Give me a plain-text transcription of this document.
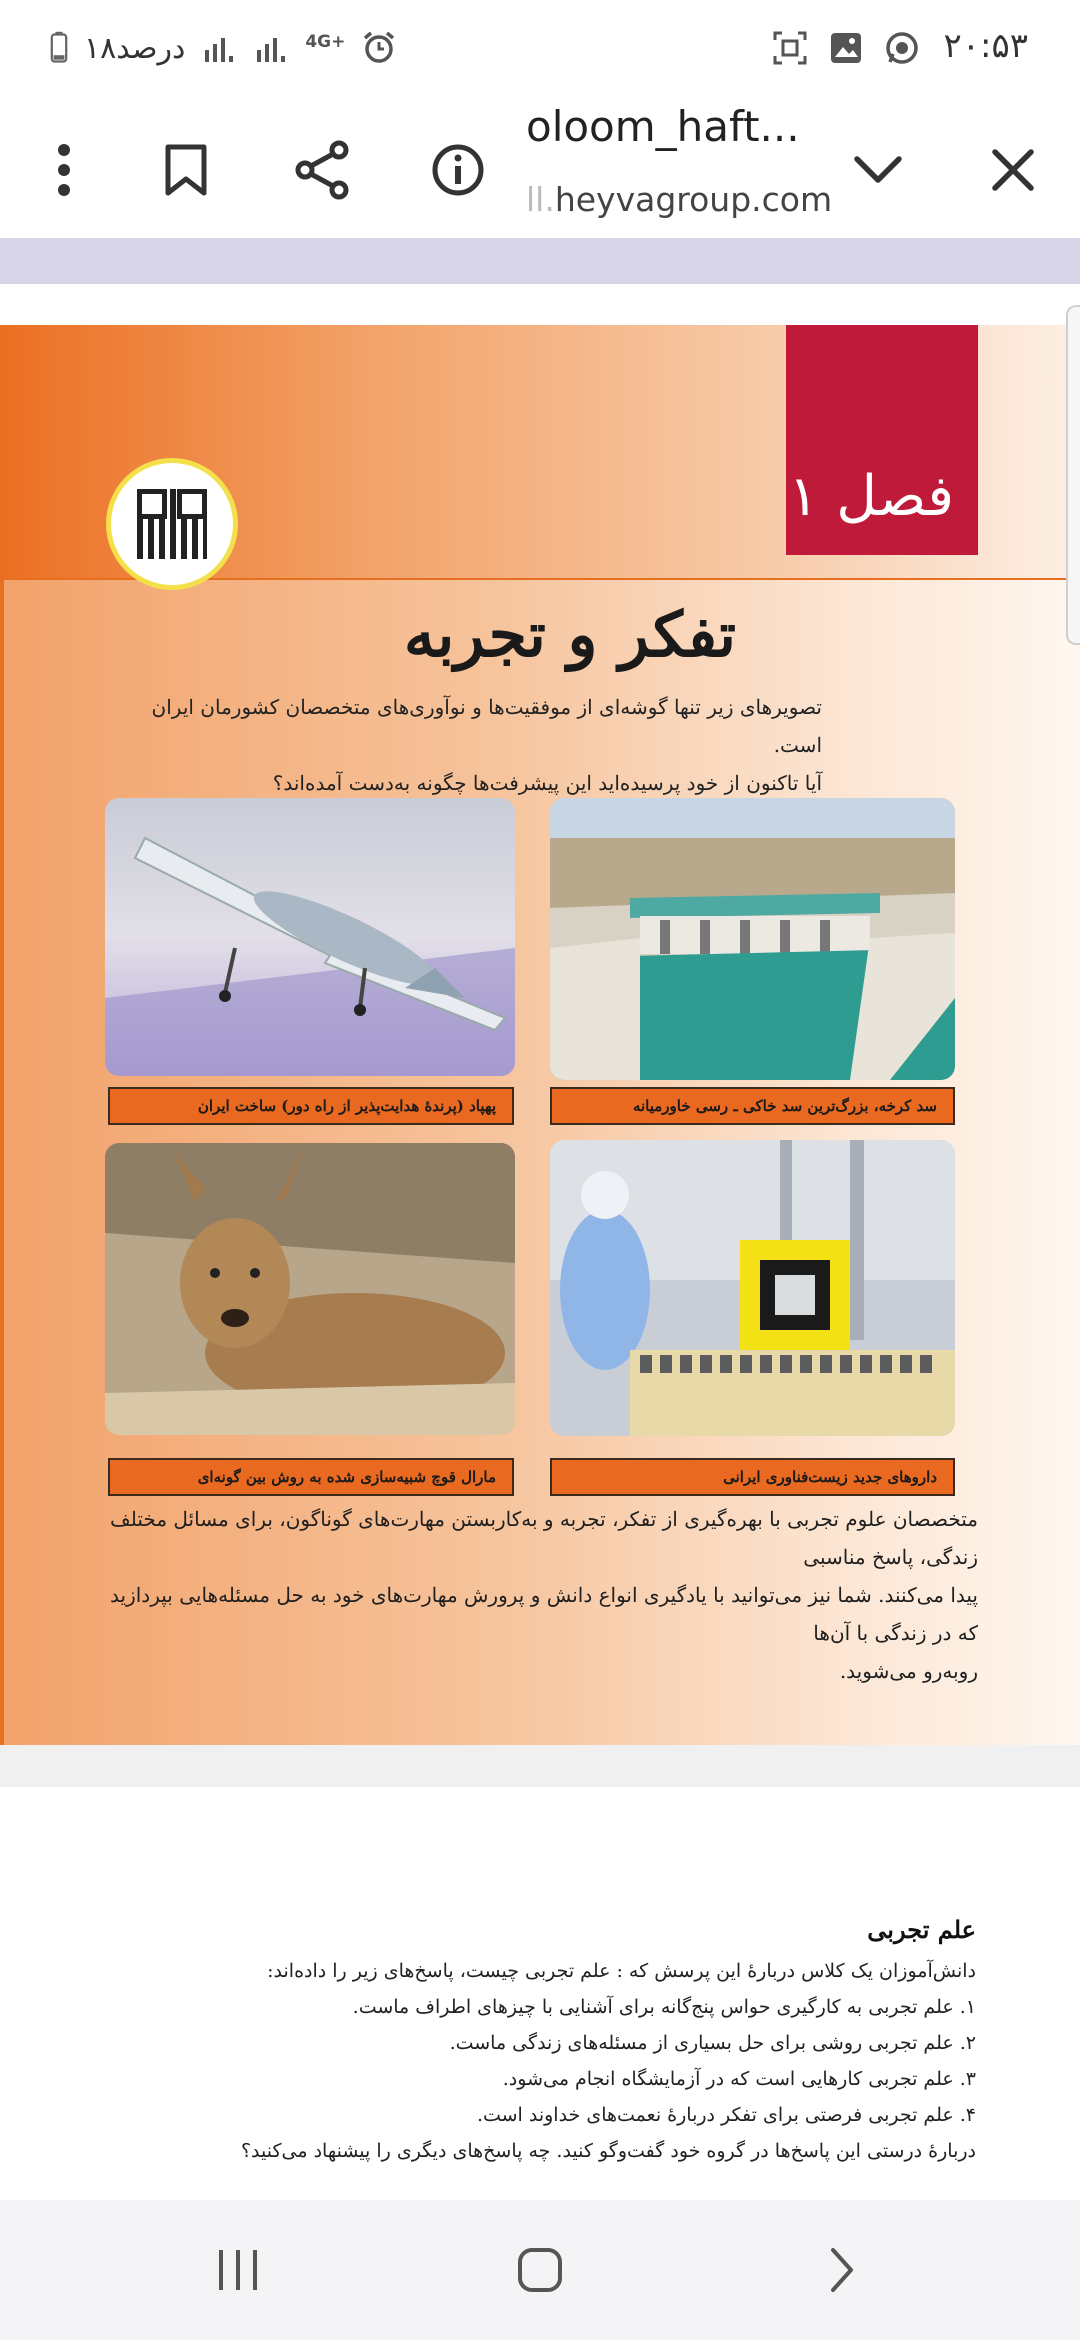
۱۸درصد	4G+	۲۰:۵۳
oloom_haft...
ll.heyvagroup.com
فصل ۱
تفکر و تجربه
تصویرهای زیر تنها گوشه‌ای از موفقیت‌ها و نوآوری‌های متخصصان کشورمان ایران است.
آیا تاکنون از خود پرسیده‌اید این پیشرفت‌ها چگونه به‌دست آمده‌اند؟
پهپاد (پرندهٔ هدایت‌پذیر از راه دور) ساخت ایران	سد کرخه، بزرگ‌ترین سد خاکی ـ رسی خاورمیانه
مارال قوچ شبیه‌سازی شده به روش بین گونه‌ای	داروهای جدید زیست‌فناوری ایرانی
متخصصان علوم تجربی با بهره‌گیری از تفکر، تجربه و به‌کاربستن مهارت‌های گوناگون، برای مسائل مختلف زندگی، پاسخ مناسبی
پیدا می‌کنند. شما نیز می‌توانید با یادگیری انواع دانش و پرورش مهارت‌های خود به حل مسئله‌هایی بپردازید که در زندگی با آن‌ها
روبه‌رو می‌شوید.
علم تجربی
دانش‌آموزان یک کلاس دربارهٔ این پرسش که : علم تجربی چیست، پاسخ‌های زیر را داده‌اند:
۱. علم تجربی به کارگیری حواس پنج‌گانه برای آشنایی با چیزهای اطراف ماست.
۲. علم تجربی روشی برای حل بسیاری از مسئله‌های زندگی ماست.
۳. علم تجربی کارهایی است که در آزمایشگاه انجام می‌شود.
۴. علم تجربی فرصتی برای تفکر دربارهٔ نعمت‌های خداوند است.
دربارهٔ درستی این پاسخ‌ها در گروه خود گفت‌وگو کنید. چه پاسخ‌های دیگری را پیشنهاد می‌کنید؟
